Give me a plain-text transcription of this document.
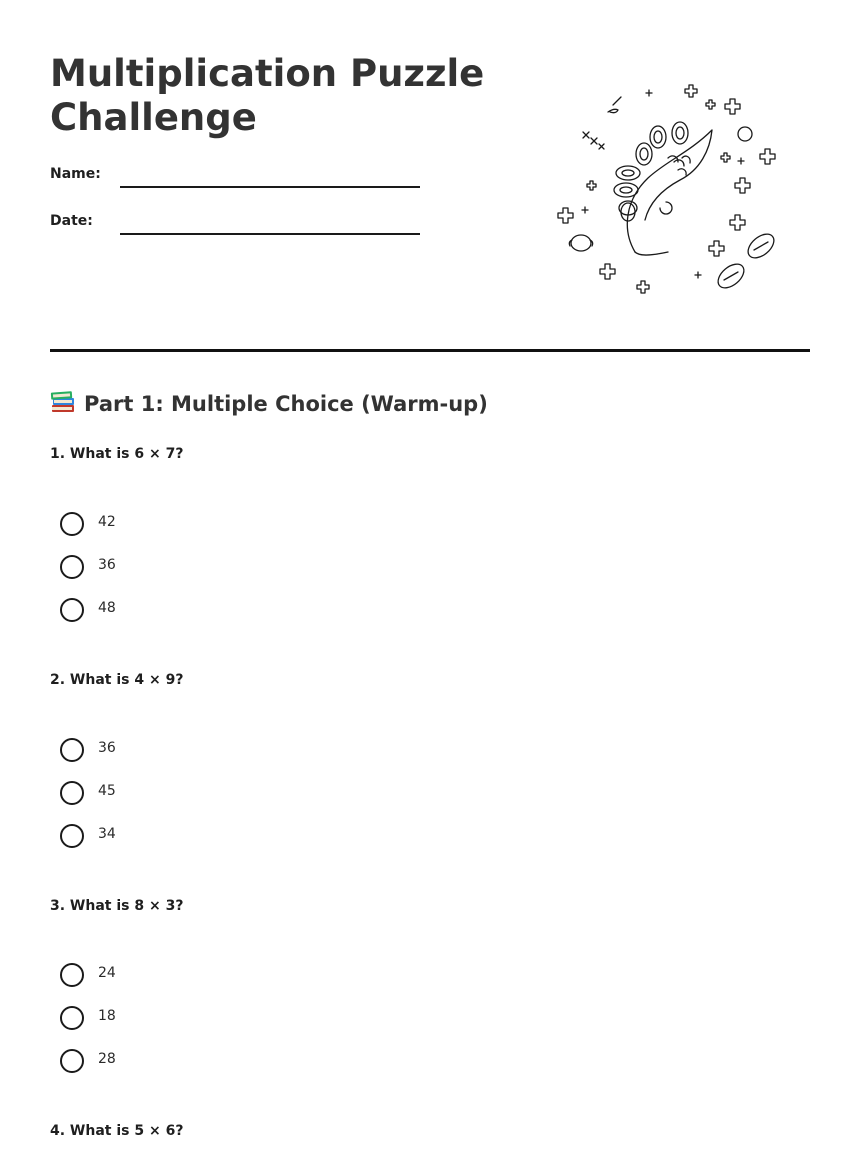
Multiplication Puzzle Challenge
Name:
Date:
Part 1: Multiple Choice (Warm-up)
1. What is 6 × 7?
42
36
48
2. What is 4 × 9?
36
45
34
3. What is 8 × 3?
24
18
28
4. What is 5 × 6?
